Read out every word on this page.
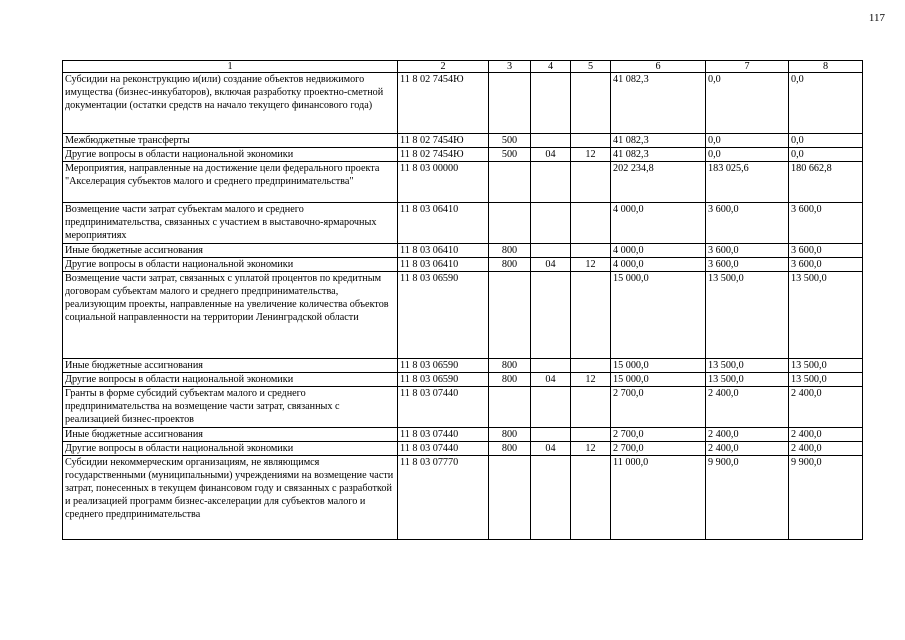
117
1	2	3	4	5	6	7	8
Субсидии на реконструкцию и(или) создание объектов недвижимого имущества (бизнес-инкубаторов), включая разработку проектно-сметной документации (остатки средств на начало текущего финансового года)	11 8 02 7454Ю				41 082,3	0,0	0,0
Межбюджетные трансферты	11 8 02 7454Ю	500			41 082,3	0,0	0,0
Другие вопросы в области национальной экономики	11 8 02 7454Ю	500	04	12	41 082,3	0,0	0,0
Мероприятия, направленные на достижение цели федерального проекта "Акселерация субъектов малого и среднего предпринимательства"	11 8 03 00000				202 234,8	183 025,6	180 662,8
Возмещение части затрат субъектам малого и среднего предпринимательства, связанных с участием в выставочно-ярмарочных мероприятиях	11 8 03 06410				4 000,0	3 600,0	3 600,0
Иные бюджетные ассигнования	11 8 03 06410	800			4 000,0	3 600,0	3 600,0
Другие вопросы в области национальной экономики	11 8 03 06410	800	04	12	4 000,0	3 600,0	3 600,0
Возмещение части затрат, связанных с уплатой процентов по кредитным договорам субъектам малого и среднего предпринимательства, реализующим проекты, направленные на увеличение количества объектов социальной направленности на территории Ленинградской области	11 8 03 06590				15 000,0	13 500,0	13 500,0
Иные бюджетные ассигнования	11 8 03 06590	800			15 000,0	13 500,0	13 500,0
Другие вопросы в области национальной экономики	11 8 03 06590	800	04	12	15 000,0	13 500,0	13 500,0
Гранты в форме субсидий субъектам малого и среднего предпринимательства на возмещение части затрат, связанных с реализацией бизнес-проектов	11 8 03 07440				2 700,0	2 400,0	2 400,0
Иные бюджетные ассигнования	11 8 03 07440	800			2 700,0	2 400,0	2 400,0
Другие вопросы в области национальной экономики	11 8 03 07440	800	04	12	2 700,0	2 400,0	2 400,0
Субсидии некоммерческим организациям, не являющимся государственными (муниципальными) учреждениями на возмещение части затрат, понесенных в текущем финансовом году и связанных с разработкой и реализацией программ бизнес-акселерации для субъектов малого и среднего предпринимательства	11 8 03 07770				11 000,0	9 900,0	9 900,0
